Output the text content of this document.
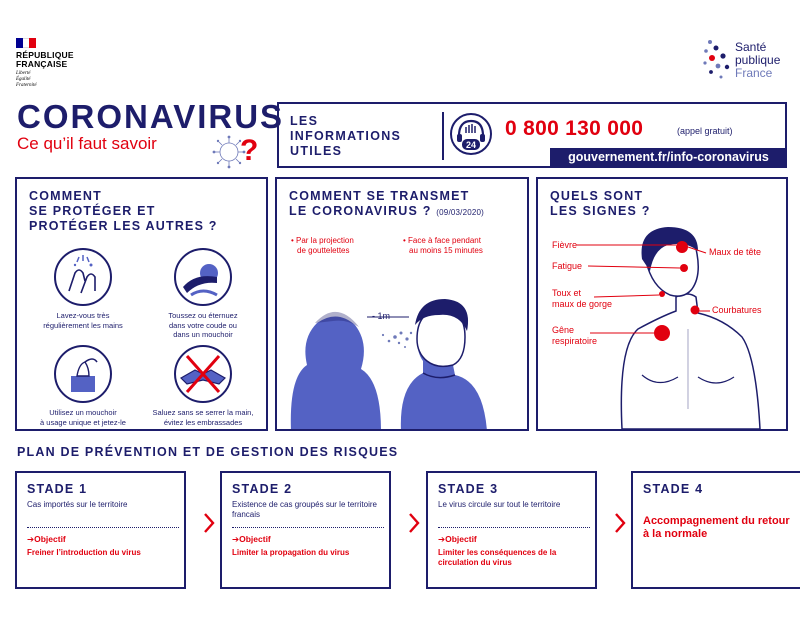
RÉPUBLIQUE
FRANÇAISE
Liberté
Égalité
Fraternité
Santé
publique
France
CORONAVIRUS
Ce qu’il faut savoir	?
LES
INFORMATIONS
UTILES	24
0 800 130 000	(appel gratuit)
gouvernement.fr/info-coronavirus
COMMENT
SE PROTÉGER ET
PROTÉGER LES AUTRES ?
Lavez-vous très
régulièrement les mains
Toussez ou éternuez
dans votre coude ou
dans un mouchoir
Utilisez un mouchoir
à usage unique et jetez-le
Saluez sans se serrer la main,
évitez les embrassades
COMMENT SE TRANSMET
LE CORONAVIRUS ? (09/03/2020)
• Par la projection
de gouttelettes
• Face à face pendant
au moins 15 minutes
- 1m
QUELS SONT
LES SIGNES ?
Fièvre
Maux de tête
Fatigue
Toux et
maux de gorge
Courbatures
Gêne
respiratoire
PLAN DE PRÉVENTION ET DE GESTION DES RISQUES
STADE 1
Cas importés sur le territoire
➔Objectif
Freiner l’introduction du virus
STADE 2
Existence de cas groupés sur le territoire francais
➔Objectif
Limiter la propagation du virus
STADE 3
Le virus circule sur tout le territoire
➔Objectif
Limiter les conséquences de la circulation du virus
STADE 4
Accompagnement du retour à la normale
